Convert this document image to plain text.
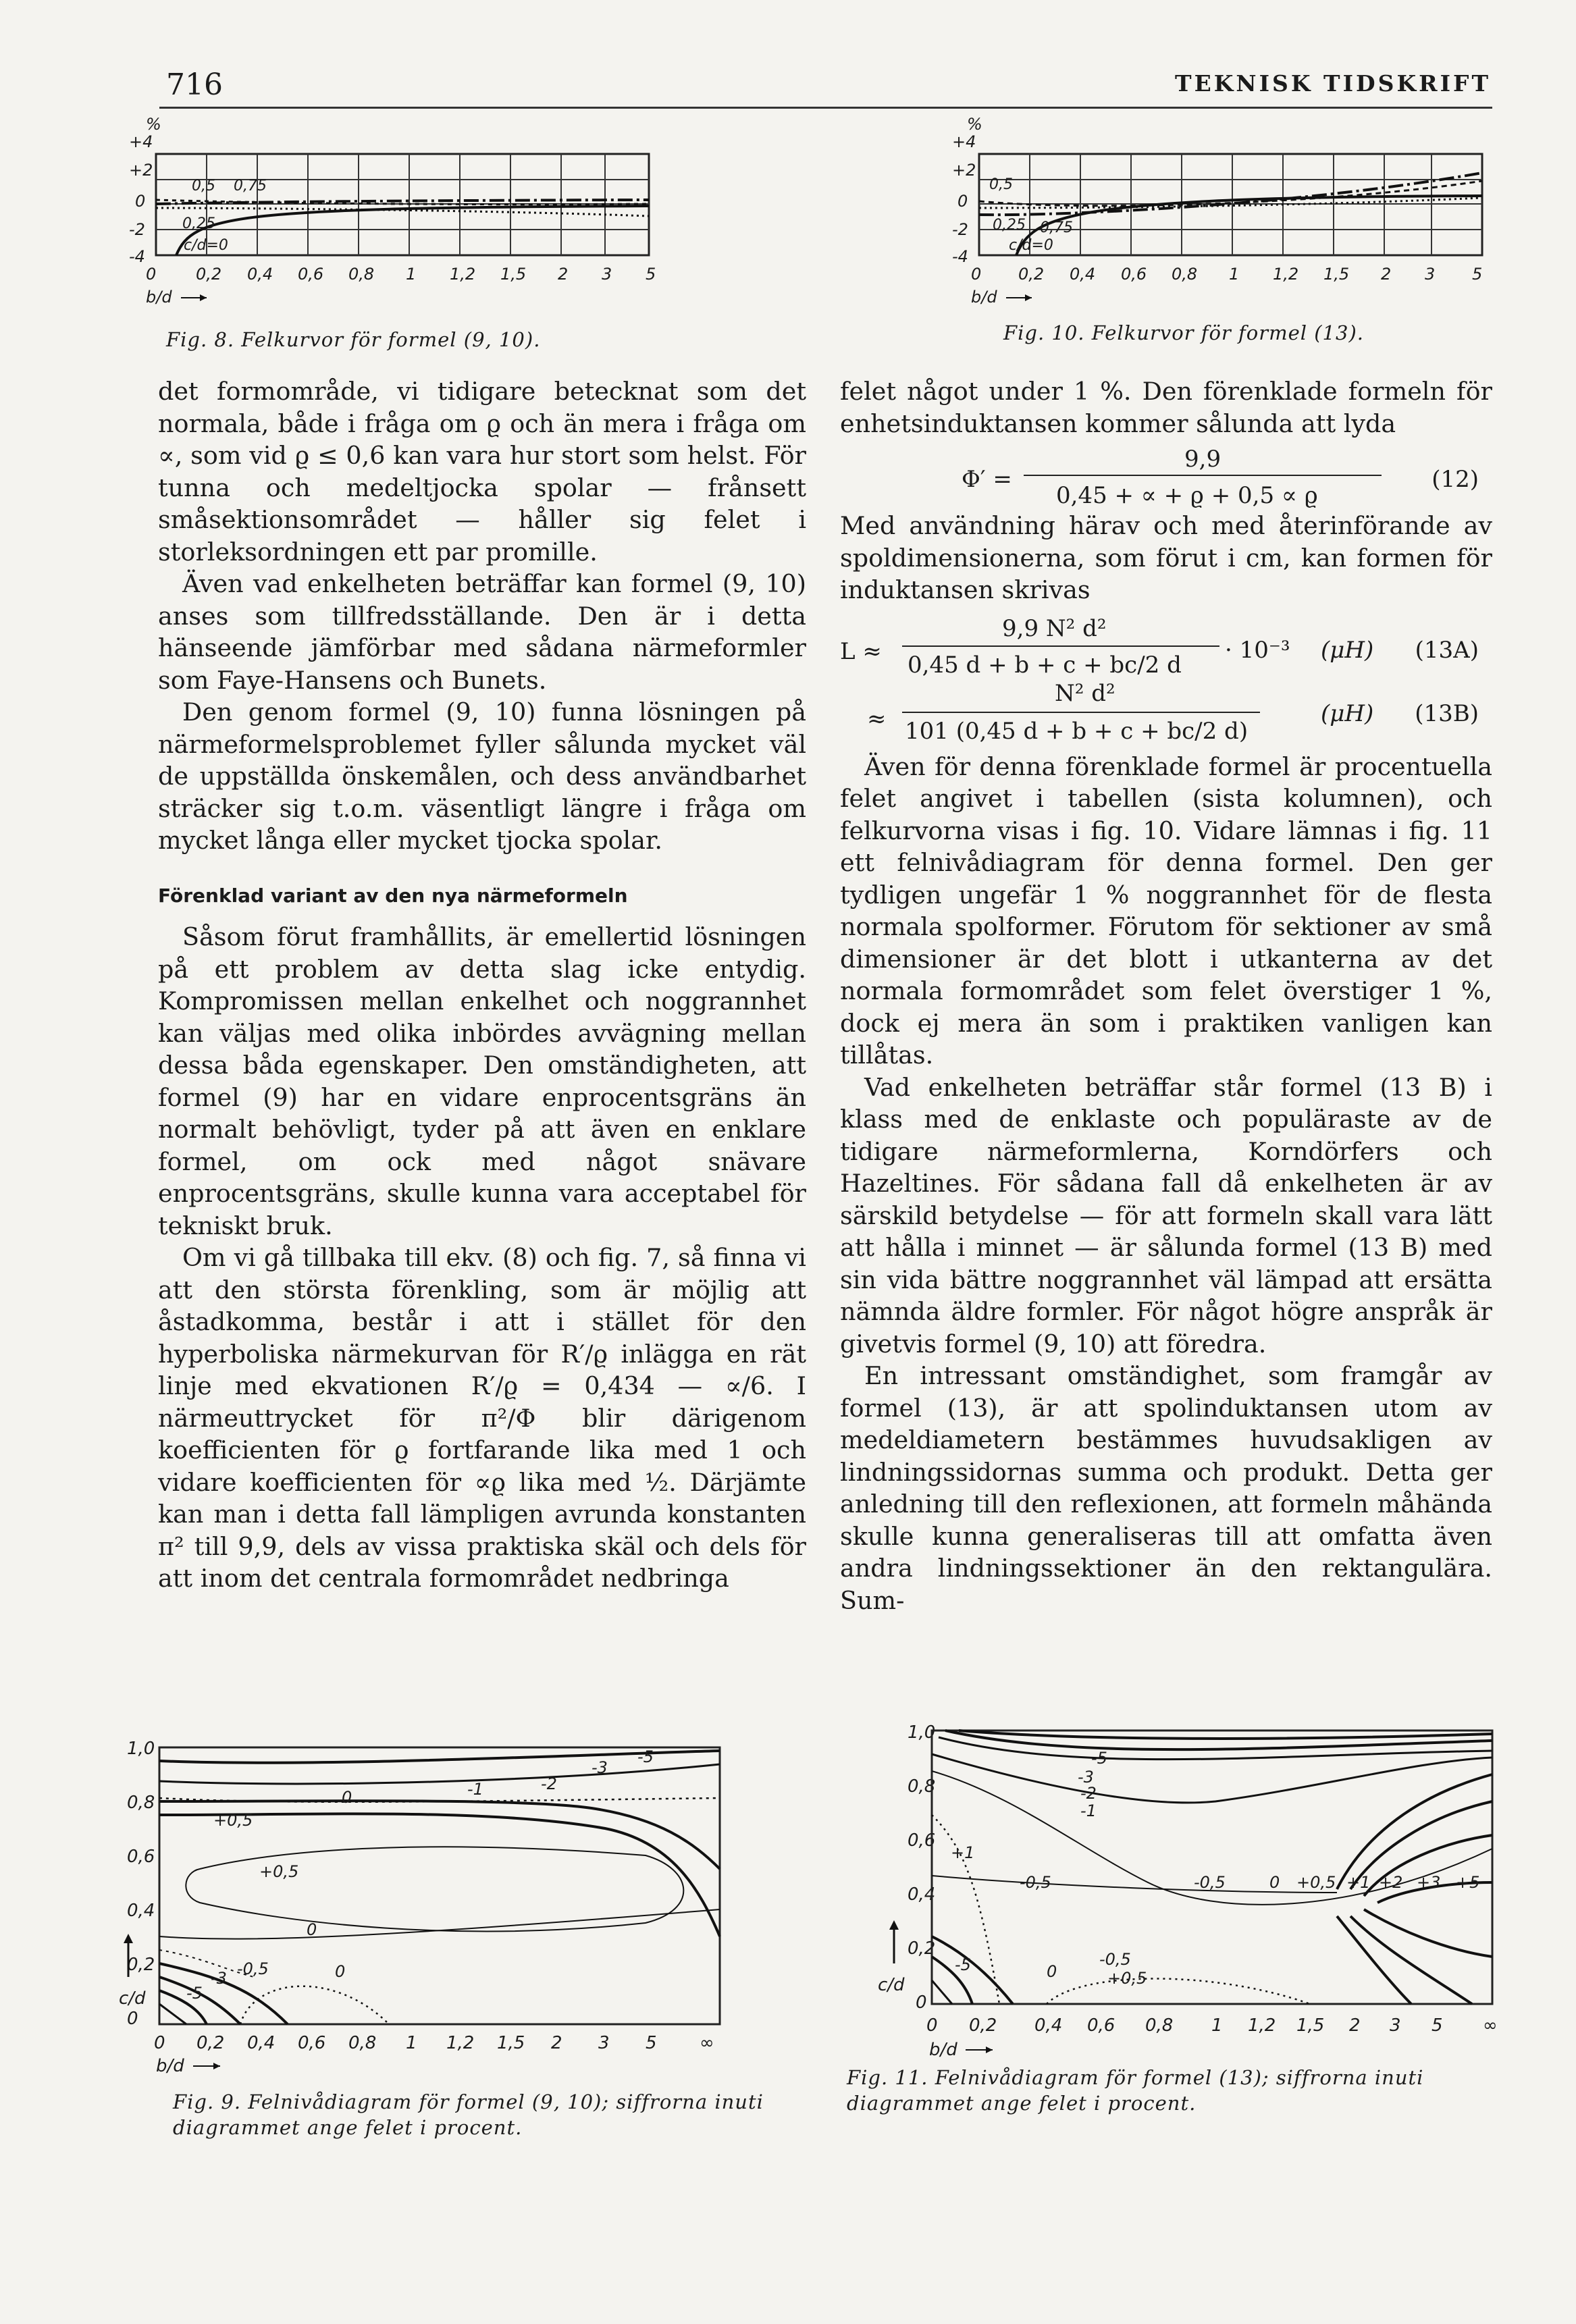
716	TEKNISK TIDSKRIFT
%
+4
+2
0
-2
-4
0,5 0,75
0,25
c/d=0
0 0,2 0,4 0,6 0,8 1 1,2 1,5 2 3 5
b/d
Fig. 8. Felkurvor för formel (9, 10).
%
+4
+2
0
-2
-4
0,5
0,25 0,75
c/d=0
0 0,2 0,4 0,6 0,8 1 1,2 1,5 2 3 5
b/d
Fig. 10. Felkurvor för formel (13).

det formområde, vi tidigare betecknat som det normala, både i fråga om ϱ och än mera i fråga om ∝, som vid ϱ ≤ 0,6 kan vara hur stort som helst. För tunna och medeltjocka spolar — frånsett småsektionsområdet — håller sig felet i storleksordningen ett par promille.

Även vad enkelheten beträffar kan formel (9, 10) anses som tillfredsställande. Den är i detta hänseende jämförbar med sådana närmeformler som Faye-Hansens och Bunets.

Den genom formel (9, 10) funna lösningen på närmeformelsproblemet fyller sålunda mycket väl de uppställda önskemålen, och dess användbarhet sträcker sig t.o.m. väsentligt längre i fråga om mycket långa eller mycket tjocka spolar.

Förenklad variant av den nya närmeformeln

Såsom förut framhållits, är emellertid lösningen på ett problem av detta slag icke entydig. Kompromissen mellan enkelhet och noggrannhet kan väljas med olika inbördes avvägning mellan dessa båda egenskaper. Den omständigheten, att formel (9) har en vidare enprocentsgräns än normalt behövligt, tyder på att även en enklare formel, om ock med något snävare enprocentsgräns, skulle kunna vara acceptabel för tekniskt bruk.

Om vi gå tillbaka till ekv. (8) och fig. 7, så finna vi att den största förenkling, som är möjlig att åstadkomma, består i att i stället för den hyperboliska närmekurvan för R′/ϱ inlägga en rät linje med ekvationen R′/ϱ = 0,434 — ∝/6. I närmeuttrycket för π²/Φ blir därigenom koefficienten för ϱ fortfarande lika med 1 och vidare koefficienten för ∝ϱ lika med ½. Därjämte kan man i detta fall lämpligen avrunda konstanten π² till 9,9, dels av vissa praktiska skäl och dels för att inom det centrala formområdet nedbringa

felet något under 1 %. Den förenklade formeln för enhetsinduktansen kommer sålunda att lyda

Φ′ =
9,9
0,45 + ∝ + ϱ + 0,5 ∝ ϱ
(12)

Med användning härav och med återinförande av spoldimensionerna, som förut i cm, kan formen för induktansen skrivas

L ≈
9,9 N² d²
0,45 d + b + c + bc/2 d
· 10⁻³ (μH) (13A)
≈
N² d²
101 (0,45 d + b + c + bc/2 d)
(μH) (13B)

Även för denna förenklade formel är procentuella felet angivet i tabellen (sista kolumnen), och felkurvorna visas i fig. 10. Vidare lämnas i fig. 11 ett felnivådiagram för denna formel. Den ger tydligen ungefär 1 % noggrannhet för de flesta normala spolformer. Förutom för sektioner av små dimensioner är det blott i utkanterna av det normala formområdet som felet överstiger 1 %, dock ej mera än som i praktiken vanligen kan tillåtas.

Vad enkelheten beträffar står formel (13 B) i klass med de enklaste och populäraste av de tidigare närmeformlerna, Korndörfers och Hazeltines. För sådana fall då enkelheten är av särskild betydelse — för att formeln skall vara lätt att hålla i minnet — är sålunda formel (13 B) med sin vida bättre noggrannhet väl lämpad att ersätta nämnda äldre formler. För något högre anspråk är givetvis formel (9, 10) att föredra.

En intressant omständighet, som framgår av formel (13), är att spolinduktansen utom av medeldiametern bestämmes huvudsakligen av lindningssidornas summa och produkt. Detta ger anledning till den reflexionen, att formeln måhända skulle kunna generaliseras till att omfatta även andra lindningssektioner än den rektangulära. Sum-

1,0
0,8
0,6
0,4
0,2
0
c/d
-5
-3
-2
-1
0
+0,5
+0,5
0
-0,5	0
-5
-3
0 0,2 0,4 0,6 0,8 1 1,2 1,5 2 3 5 ∞
b/d
Fig. 9. Felnivådiagram för formel (9, 10); siffrorna inuti
diagrammet ange felet i procent.
1,0
0,8
0,6
0,4
0,2
0
c/d
-5
-3
-2
-1
+1
-0,5	-0,5	0 +0,5 +1 +2 +3 +5
-0,5
0	+0,5
-5
0 0,2 0,4 0,6 0,8 1 1,2 1,5 2 3 5 ∞
b/d
Fig. 11. Felnivådiagram för formel (13); siffrorna inuti
diagrammet ange felet i procent.
